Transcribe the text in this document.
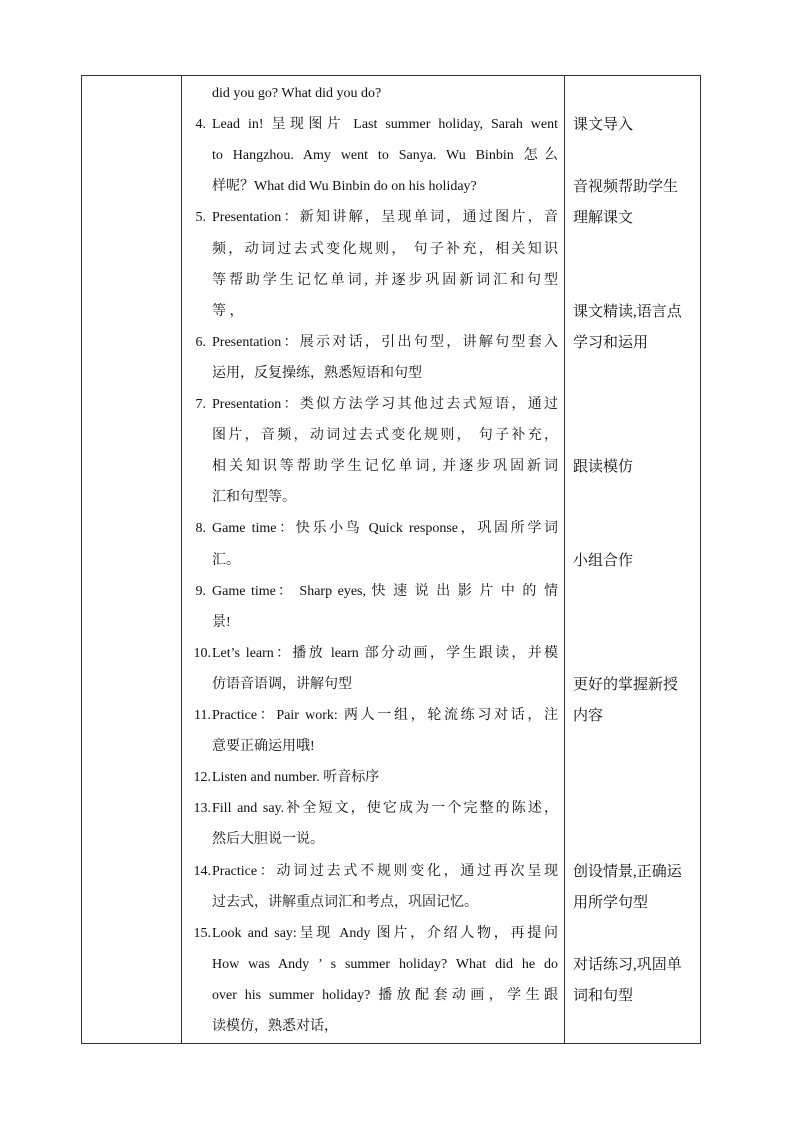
did you go? What did you do?
4. Lead in! 呈现图片 Last summer holiday, Sarah went
to Hangzhou. Amy went to Sanya. Wu Binbin 怎么
样呢？What did Wu Binbin do on his holiday?
5. Presentation：新知讲解，呈现单词，通过图片，音
频，动词过去式变化规则， 句子补充，相关知识
等帮助学生记忆单词, 并逐步巩固新词汇和句型
等 ，
6. Presentation：展示对话，引出句型，讲解句型套入
运用，反复操练，熟悉短语和句型
7. Presentation：类似方法学习其他过去式短语，通过
图片，音频，动词过去式变化规则， 句子补充，
相关知识等帮助学生记忆单词, 并逐步巩固新词
汇和句型等。
8. Game time：快乐小鸟 Quick response，巩固所学词
汇。
9. Game time： Sharp eyes, 快 速 说 出 影 片 中 的 情
景!
10. Let’s learn：播放 learn 部分动画，学生跟读，并模
仿语音语调，讲解句型
11. Practice：Pair work: 两人一组，轮流练习对话，注
意要正确运用哦!
12. Listen and number. 听音标序
13. Fill and say.补全短文，使它成为一个完整的陈述，
然后大胆说一说。
14. Practice：动词过去式不规则变化，通过再次呈现
过去式，讲解重点词汇和考点，巩固记忆。
15. Look and say:呈现 Andy 图片，介绍人物，再提问
How was Andy ’ s summer holiday? What did he do
over his summer holiday? 播放配套动画，学生跟
读模仿，熟悉对话，
课文导入
音视频帮助学生
理解课文
课文精读,语言点
学习和运用
跟读模仿
小组合作
更好的掌握新授
内容
创设情景,正确运
用所学句型
对话练习,巩固单
词和句型
